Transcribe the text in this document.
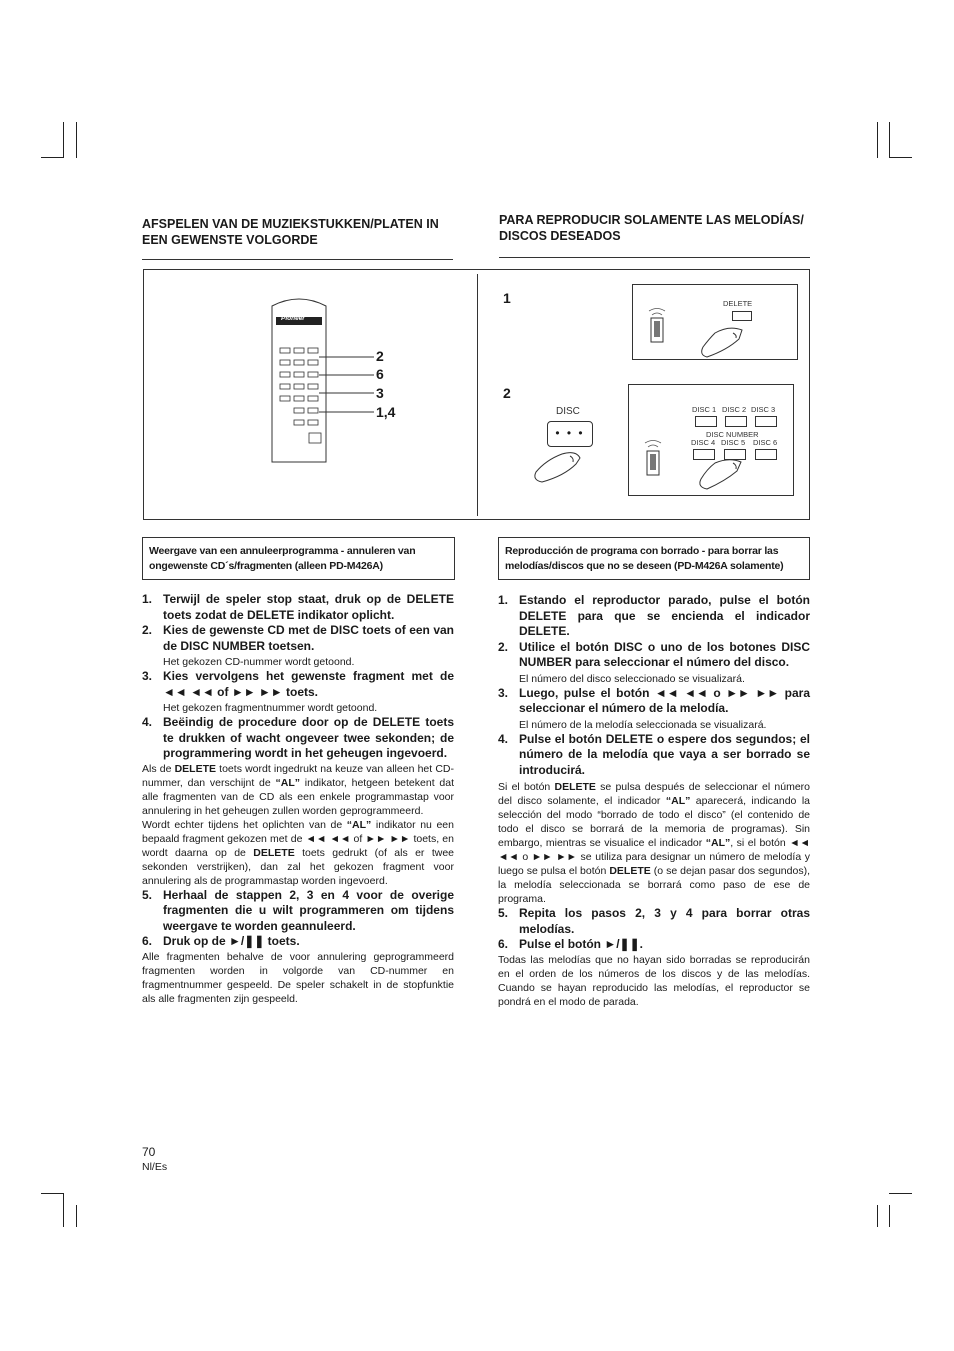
AFSPELEN VAN DE MUZIEKSTUKKEN/PLATEN IN EEN GEWENSTE VOLGORDE
PARA REPRODUCIR SOLAMENTE LAS MELODÍAS/ DISCOS DESEADOS
Pioneer
2
6
3
1,4
1	DELETE
2
DISC
• • •
DISC 1 DISC 2 DISC 3
DISC NUMBER
DISC 4 DISC 5 DISC 6
Weergave van een annuleerprogramma - annuleren van ongewenste CD´s/fragmenten (alleen PD-M426A)
Reproducción de programa con borrado - para borrar las melodías/discos que no se deseen (PD-M426A solamente)
1. Terwijl de speler stop staat, druk op de DELETE toets zodat de DELETE indikator oplicht.
2. Kies de gewenste CD met de DISC toets of een van de DISC NUMBER toetsen.
Het gekozen CD-nummer wordt getoond.
3. Kies vervolgens het gewenste fragment met de ◄◄ ◄◄ of ►► ►► toets.
Het gekozen fragmentnummer wordt getoond.
4. Beëindig de procedure door op de DELETE toets te drukken of wacht ongeveer twee sekonden; de programmering wordt in het geheugen ingevoerd.
Als de DELETE toets wordt ingedrukt na keuze van alleen het CD-nummer, dan verschijnt de “AL” indikator, hetgeen betekent dat alle fragmenten van de CD als een enkele programmastap voor annulering in het geheugen zullen worden geprogrammeerd.
Wordt echter tijdens het oplichten van de “AL” indikator nu een bepaald fragment gekozen met de ◄◄ ◄◄ of ►► ►► toets, en wordt daarna op de DELETE toets gedrukt (of als er twee sekonden verstrijken), dan zal het gekozen fragment voor annulering als de programmastap worden ingevoerd.
5. Herhaal de stappen 2, 3 en 4 voor de overige fragmenten die u wilt programmeren om tijdens weergave te worden geannuleerd.
6. Druk op de ►/❚❚ toets.
Alle fragmenten behalve de voor annulering geprogrammeerd fragmenten worden in volgorde van CD-nummer en fragmentnummer gespeeld. De speler schakelt in de stopfunktie als alle fragmenten zijn gespeeld.
1. Estando el reproductor parado, pulse el botón DELETE para que se encienda el indicador DELETE.
2. Utilice el botón DISC o uno de los botones DISC NUMBER para seleccionar el número del disco.
El número del disco seleccionado se visualizará.
3. Luego, pulse el botón ◄◄ ◄◄ o ►► ►► para seleccionar el número de la melodía.
El número de la melodía seleccionada se visualizará.
4. Pulse el botón DELETE o espere dos segundos; el número de la melodía que vaya a ser borrado se introducirá.
Si el botón DELETE se pulsa después de seleccionar el número del disco solamente, el indicador “AL” aparecerá, indicando la selección del modo “borrado de todo el disco” (el contenido de todo el disco se borrará de la memoria de programas). Sin embargo, mientras se visualice el indicador “AL”, si el botón ◄◄ ◄◄ o ►► ►► se utiliza para designar un número de melodía y luego se pulsa el botón DELETE (o se dejan pasar dos segundos), la melodía seleccionada se borrará como paso de ese de programa.
5. Repita los pasos 2, 3 y 4 para borrar otras melodías.
6. Pulse el botón ►/❚❚.
Todas las melodías que no hayan sido borradas se reproducirán en el orden de los números de los discos y de las melodías. Cuando se hayan reproducido las melodías, el reproductor se pondrá en el modo de parada.
70
Nl/Es
